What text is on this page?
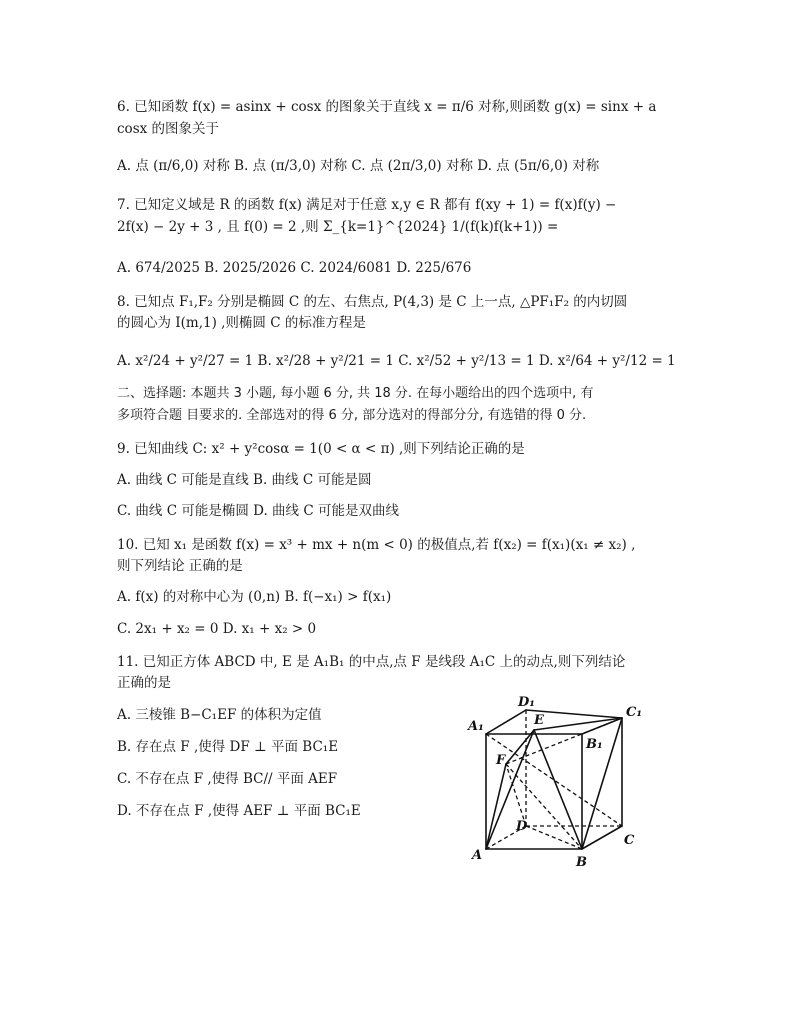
6. 已知函数 f(x) = asinx + cosx 的图象关于直线 x = π/6 对称,则函数 g(x) = sinx + a
cosx 的图象关于
A. 点 (π/6,0) 对称 B. 点 (π/3,0) 对称 C. 点 (2π/3,0) 对称 D. 点 (5π/6,0) 对称
7. 已知定义域是 R 的函数 f(x) 满足对于任意 x,y ∈ R 都有 f(xy + 1) = f(x)f(y) −
2f(x) − 2y + 3 , 且 f(0) = 2 ,则 Σ_{k=1}^{2024} 1/(f(k)f(k+1)) =
A. 674/2025 B. 2025/2026 C. 2024/6081 D. 225/676
8. 已知点 F₁,F₂ 分别是椭圆 C 的左、右焦点, P(4,3) 是 C 上一点, △PF₁F₂ 的内切圆
的圆心为 I(m,1) ,则椭圆 C 的标准方程是
A. x²/24 + y²/27 = 1 B. x²/28 + y²/21 = 1 C. x²/52 + y²/13 = 1 D. x²/64 + y²/12 = 1
二、选择题: 本题共 3 小题, 每小题 6 分, 共 18 分. 在每小题给出的四个选项中, 有
多项符合题 目要求的. 全部选对的得 6 分, 部分选对的得部分分, 有选错的得 0 分.
9. 已知曲线 C: x² + y²cosα = 1(0 < α < π) ,则下列结论正确的是
A. 曲线 C 可能是直线 B. 曲线 C 可能是圆
C. 曲线 C 可能是椭圆 D. 曲线 C 可能是双曲线
10. 已知 x₁ 是函数 f(x) = x³ + mx + n(m < 0) 的极值点,若 f(x₂) = f(x₁)(x₁ ≠ x₂) ,
则下列结论 正确的是
A. f(x) 的对称中心为 (0,n) B. f(−x₁) > f(x₁)
C. 2x₁ + x₂ = 0 D. x₁ + x₂ > 0
11. 已知正方体 ABCD 中, E 是 A₁B₁ 的中点,点 F 是线段 A₁C 上的动点,则下列结论
正确的是
A. 三棱锥 B−C₁EF 的体积为定值
B. 存在点 F ,使得 DF ⊥ 平面 BC₁E
C. 不存在点 F ,使得 BC// 平面 AEF
D. 不存在点 F ,使得 AEF ⊥ 平面 BC₁E
A₁
D₁
E
C₁
B₁
F
D
A	B
C
